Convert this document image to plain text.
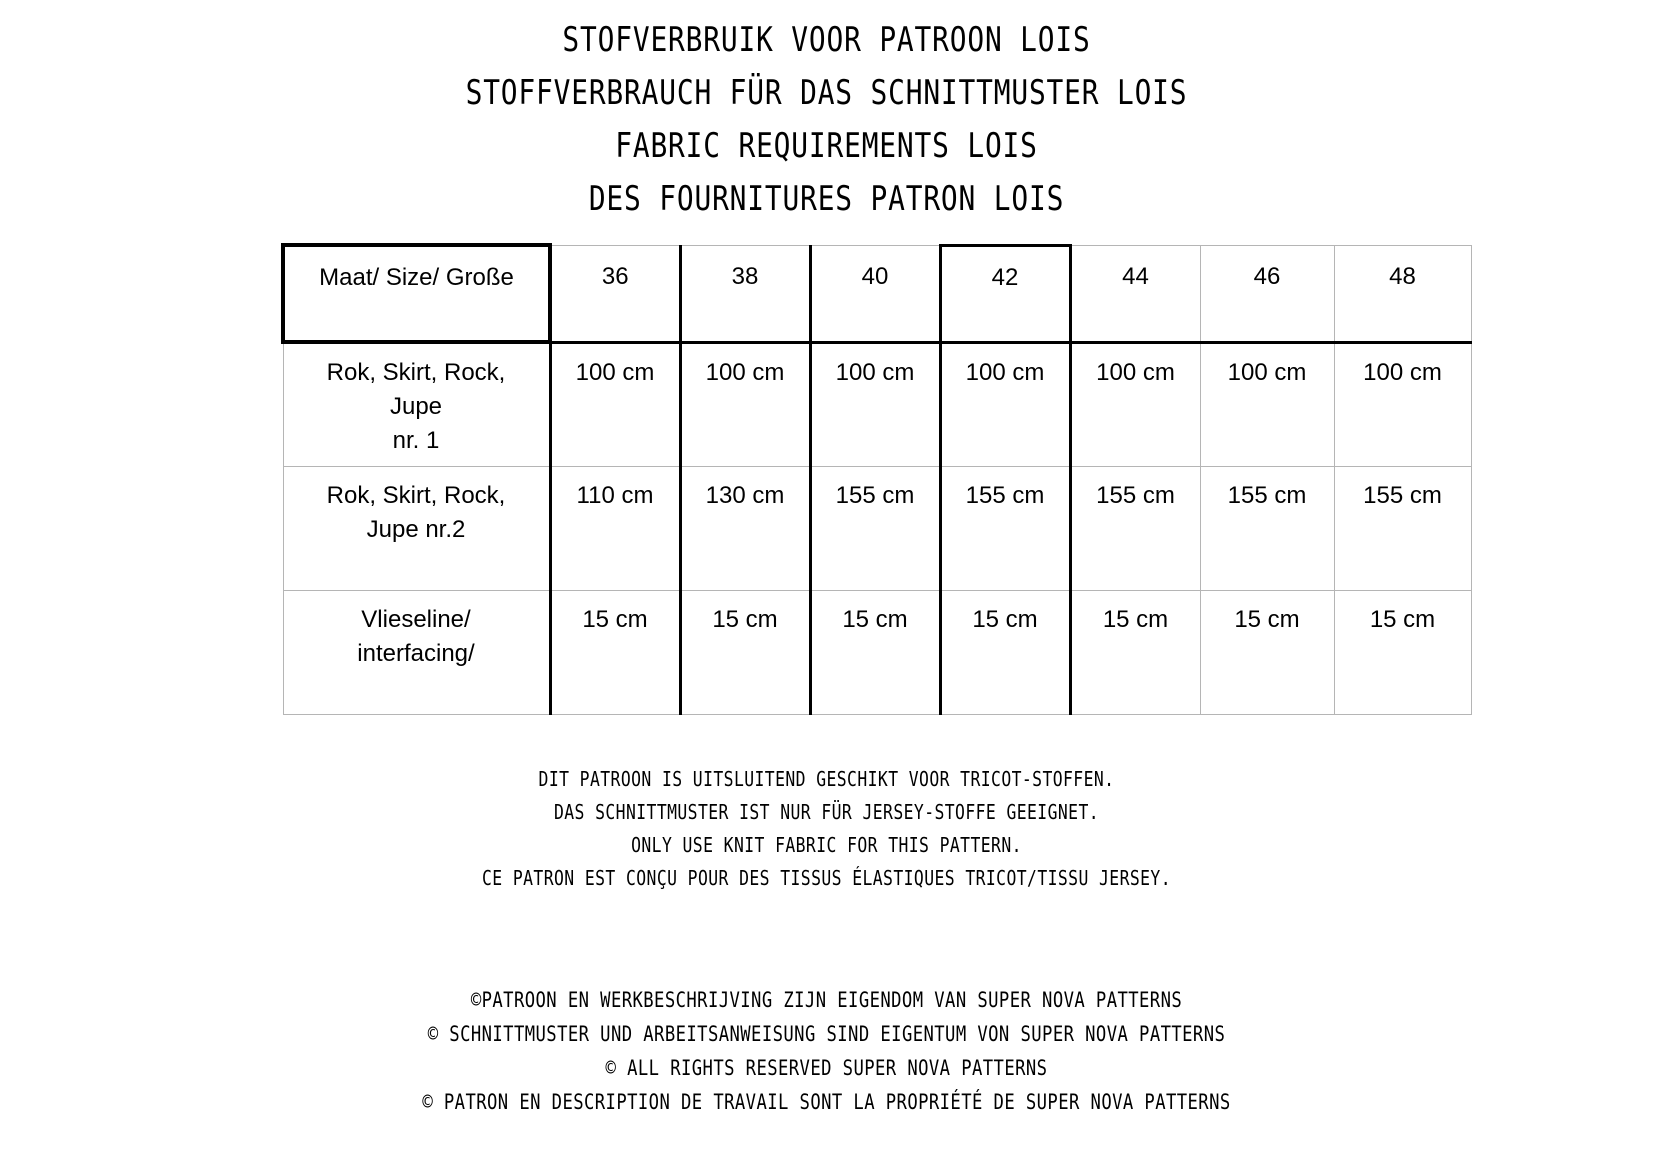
STOFVERBRUIK VOOR PATROON LOIS
STOFFVERBRAUCH FÜR DAS SCHNITTMUSTER LOIS
FABRIC REQUIREMENTS LOIS
DES FOURNITURES PATRON LOIS
Maat/ Size/ Große	36	38	40	42	44	46	48
Rok, Skirt, Rock,
Jupe
nr. 1	100 cm	100 cm	100 cm	100 cm	100 cm	100 cm	100 cm
Rok, Skirt, Rock,
Jupe nr.2	110 cm	130 cm	155 cm	155 cm	155 cm	155 cm	155 cm
Vlieseline/
interfacing/	15 cm	15 cm	15 cm	15 cm	15 cm	15 cm	15 cm
DIT PATROON IS UITSLUITEND GESCHIKT VOOR TRICOT-STOFFEN.
DAS SCHNITTMUSTER IST NUR FÜR JERSEY-STOFFE GEEIGNET.
ONLY USE KNIT FABRIC FOR THIS PATTERN.
CE PATRON EST CONÇU POUR DES TISSUS ÉLASTIQUES TRICOT/TISSU JERSEY.
©PATROON EN WERKBESCHRIJVING ZIJN EIGENDOM VAN SUPER NOVA PATTERNS
© SCHNITTMUSTER UND ARBEITSANWEISUNG SIND EIGENTUM VON SUPER NOVA PATTERNS
© ALL RIGHTS RESERVED SUPER NOVA PATTERNS
© PATRON EN DESCRIPTION DE TRAVAIL SONT LA PROPRIÉTÉ DE SUPER NOVA PATTERNS
